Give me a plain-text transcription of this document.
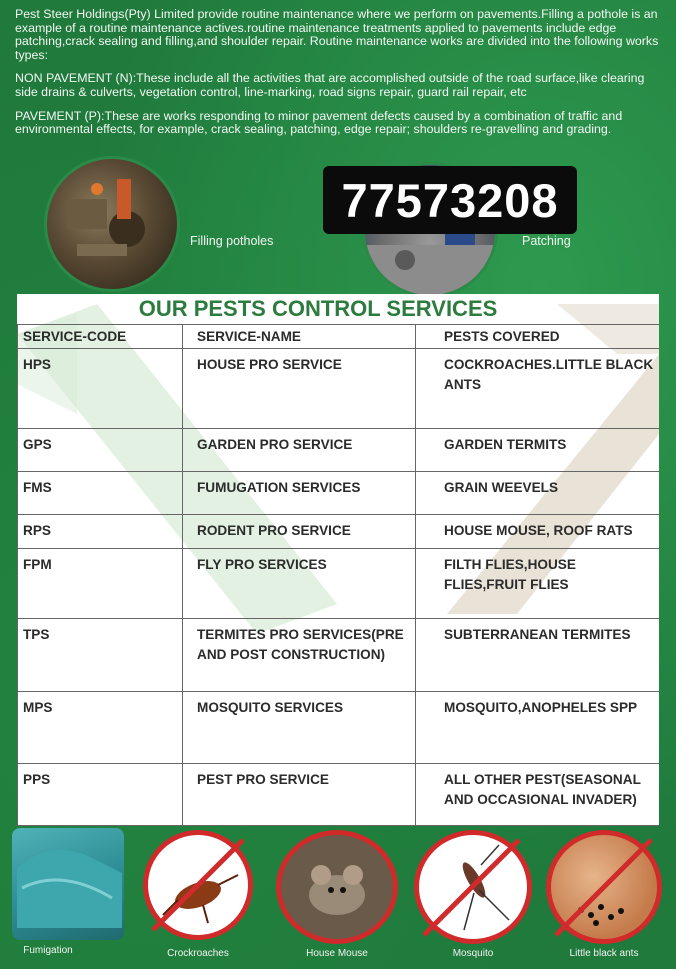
Pest Steer Holdings(Pty) Limited provide routine maintenance where we perform on pavements.Filling a pothole is an example of a routine maintenance actives.routine maintenance treatments applied to pavements include edge patching,crack sealing and filling,and shoulder repair. Routine maintenance works are divided into the following works types:

NON PAVEMENT (N):These include all the activities that are accomplished outside of the road surface,like clearing side drains & culverts, vegetation control, line-marking, road signs repair, guard rail repair, etc

PAVEMENT (P):These are works responding to minor pavement defects caused by a combination of traffic and environmental effects, for example, crack sealing, patching, edge repair; shoulders re-gravelling and grading.

Filling potholes	Patching
77573208
OUR PESTS CONTROL SERVICES
SERVICE-CODE	SERVICE-NAME	PESTS COVERED
HPS	HOUSE PRO SERVICE	COCKROACHES.LITTLE BLACK ANTS
GPS	GARDEN PRO SERVICE	GARDEN TERMITS
FMS	FUMUGATION SERVICES	GRAIN WEEVELS
RPS	RODENT PRO SERVICE	HOUSE MOUSE, ROOF RATS
FPM	FLY PRO SERVICES	FILTH FLIES,HOUSE FLIES,FRUIT FLIES
TPS	TERMITES PRO SERVICES(PRE AND POST CONSTRUCTION)	SUBTERRANEAN TERMITES
MPS	MOSQUITO SERVICES	MOSQUITO,ANOPHELES SPP
PPS	PEST PRO SERVICE	ALL OTHER PEST(SEASONAL AND OCCASIONAL INVADER)
Fumigation	Crockroaches	House Mouse	Mosquito	Little black ants
